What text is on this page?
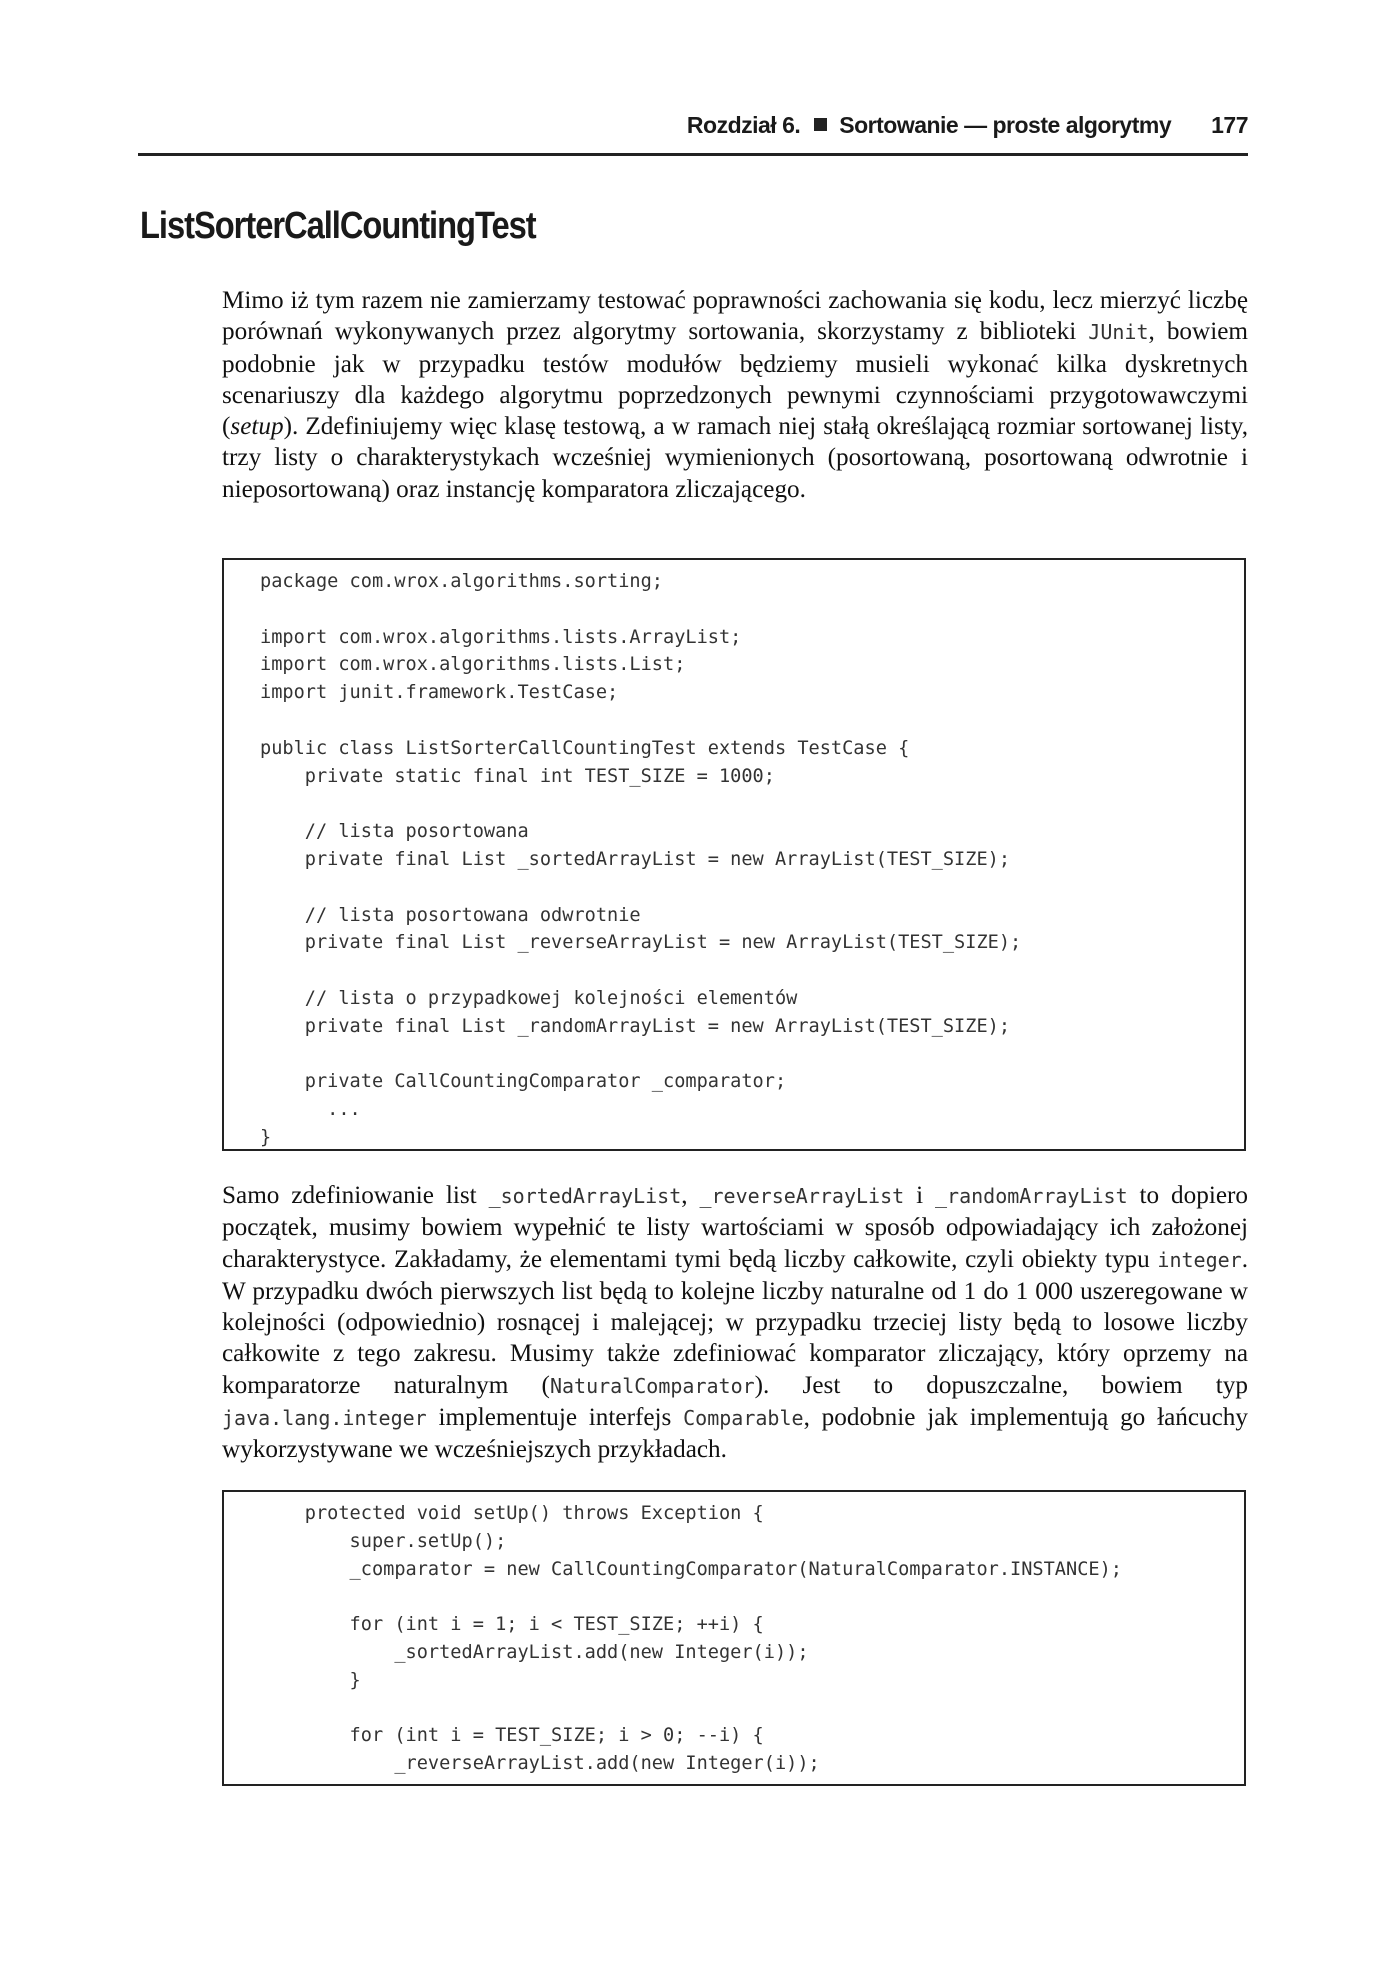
Rozdział 6. Sortowanie — proste algorytmy 177
ListSorterCallCountingTest

Mimo iż tym razem nie zamierzamy testować poprawności zachowania się kodu, lecz mierzyć liczbę porównań wykonywanych przez algorytmy sortowania, skorzystamy z biblioteki JUnit, bowiem podobnie jak w przypadku testów modułów będziemy musieli wykonać kilka dyskretnych scenariuszy dla każdego algorytmu poprzedzonych pewnymi czynnościami przygotowawczymi (setup). Zdefiniujemy więc klasę testową, a w ramach niej stałą określającą rozmiar sortowanej listy, trzy listy o charakterystykach wcześniej wymienionych (posortowaną, posortowaną odwrotnie i nieposortowaną) oraz instancję komparatora zliczającego.

package com.wrox.algorithms.sorting;
import com.wrox.algorithms.lists.ArrayList;
import com.wrox.algorithms.lists.List;
import junit.framework.TestCase;
public class ListSorterCallCountingTest extends TestCase {
private static final int TEST_SIZE = 1000;
// lista posortowana
private final List _sortedArrayList = new ArrayList(TEST_SIZE);
// lista posortowana odwrotnie
private final List _reverseArrayList = new ArrayList(TEST_SIZE);
// lista o przypadkowej kolejności elementów
private final List _randomArrayList = new ArrayList(TEST_SIZE);
private CallCountingComparator _comparator;
...
}

Samo zdefiniowanie list _sortedArrayList, _reverseArrayList i _randomArrayList to dopiero początek, musimy bowiem wypełnić te listy wartościami w sposób odpowiadający ich założonej charakterystyce. Zakładamy, że elementami tymi będą liczby całkowite, czyli obiekty typu integer. W przypadku dwóch pierwszych list będą to kolejne liczby naturalne od 1 do 1 000 uszeregowane w kolejności (odpowiednio) rosnącej i malejącej; w przypadku trzeciej listy będą to losowe liczby całkowite z tego zakresu. Musimy także zdefiniować komparator zliczający, który oprzemy na komparatorze naturalnym (NaturalComparator). Jest to dopuszczalne, bowiem typ java.lang.integer implementuje interfejs Comparable, podobnie jak implementują go łańcuchy wykorzystywane we wcześniejszych przykładach.

protected void setUp() throws Exception {
super.setUp();
_comparator = new CallCountingComparator(NaturalComparator.INSTANCE);
for (int i = 1; i < TEST_SIZE; ++i) {
_sortedArrayList.add(new Integer(i));
}
for (int i = TEST_SIZE; i > 0; --i) {
_reverseArrayList.add(new Integer(i));
